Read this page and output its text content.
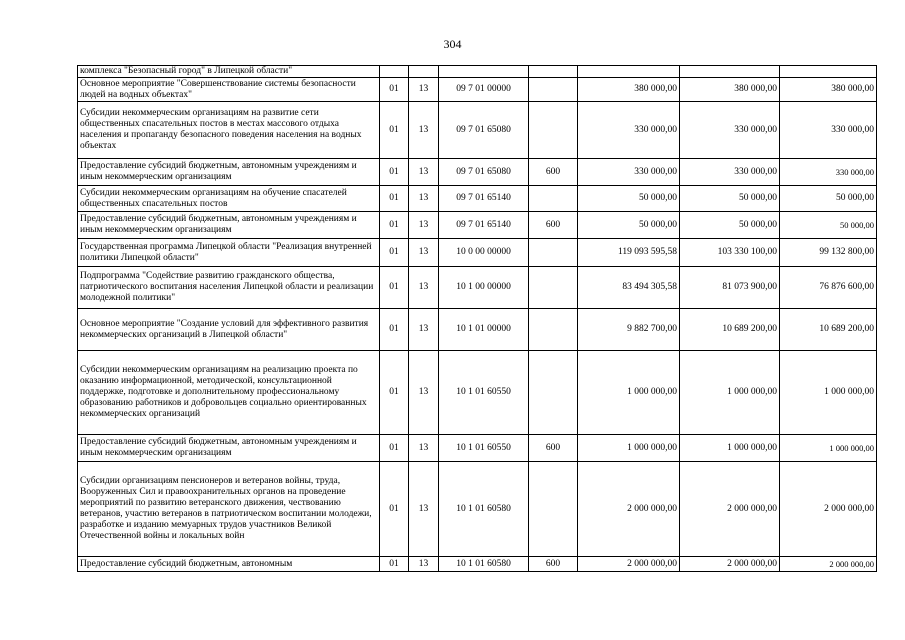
304
комплекса "Безопасный город" в Липецкой области"							
Основное мероприятие "Совершенствование системы безопасности людей на водных объектах"	01	13	09 7 01 00000		380 000,00	380 000,00	380 000,00
Субсидии некоммерческим организациям на развитие сети общественных спасательных постов в местах массового отдыха населения и пропаганду безопасного поведения населения на водных объектах	01	13	09 7 01 65080		330 000,00	330 000,00	330 000,00
Предоставление субсидий бюджетным, автономным учреждениям и иным некоммерческим организациям	01	13	09 7 01 65080	600	330 000,00	330 000,00	330 000,00
Субсидии некоммерческим организациям на обучение спасателей общественных спасательных постов	01	13	09 7 01 65140		50 000,00	50 000,00	50 000,00
Предоставление субсидий бюджетным, автономным учреждениям и иным некоммерческим организациям	01	13	09 7 01 65140	600	50 000,00	50 000,00	50 000,00
Государственная программа Липецкой области "Реализация внутренней политики Липецкой области"	01	13	10 0 00 00000		119 093 595,58	103 330 100,00	99 132 800,00
Подпрограмма "Содействие развитию гражданского общества, патриотического воспитания населения Липецкой области и реализации молодежной политики"	01	13	10 1 00 00000		83 494 305,58	81 073 900,00	76 876 600,00
Основное мероприятие "Создание условий для эффективного развития некоммерческих организаций в Липецкой области"	01	13	10 1 01 00000		9 882 700,00	10 689 200,00	10 689 200,00
Субсидии некоммерческим организациям на реализацию проекта по оказанию информационной, методической, консультационной поддержке, подготовке и дополнительному профессиональному образованию работников и добровольцев социально ориентированных некоммерческих организаций	01	13	10 1 01 60550		1 000 000,00	1 000 000,00	1 000 000,00
Предоставление субсидий бюджетным, автономным учреждениям и иным некоммерческим организациям	01	13	10 1 01 60550	600	1 000 000,00	1 000 000,00	1 000 000,00
Субсидии организациям пенсионеров и ветеранов войны, труда, Вооруженных Сил и правоохранительных органов на проведение мероприятий по развитию ветеранского движения, чествованию ветеранов, участию ветеранов в патриотическом воспитании молодежи, разработке и изданию мемуарных трудов участников Великой Отечественной войны и локальных войн	01	13	10 1 01 60580		2 000 000,00	2 000 000,00	2 000 000,00
Предоставление субсидий бюджетным, автономным	01	13	10 1 01 60580	600	2 000 000,00	2 000 000,00	2 000 000,00
